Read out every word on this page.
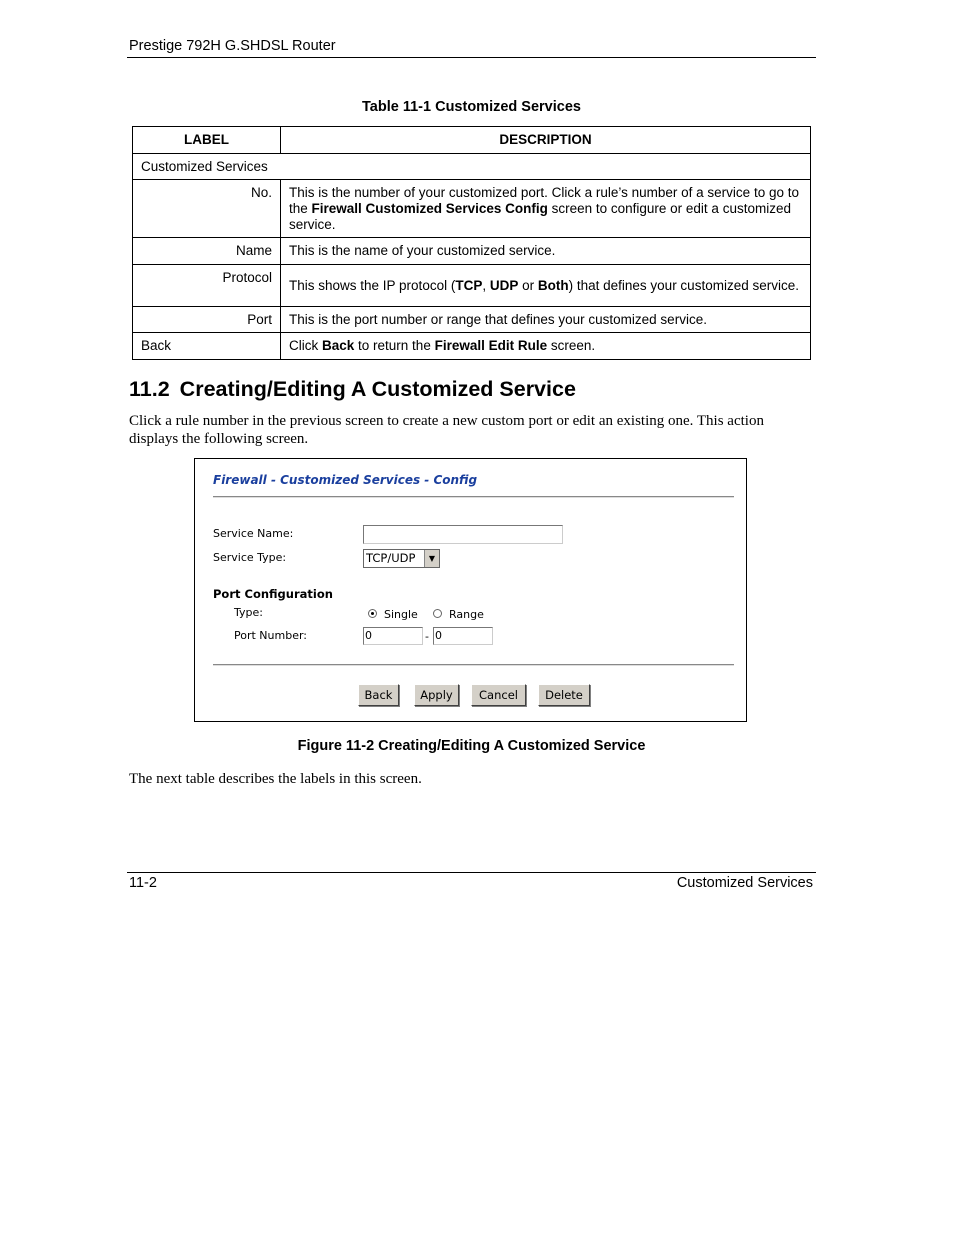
Prestige 792H G.SHDSL Router
Table 11-1 Customized Services
LABEL	DESCRIPTION
Customized Services	
No.	This is the number of your customized port. Click a rule’s number of a service to go to the Firewall Customized Services Config screen to configure or edit a customized service.
Name	This is the name of your customized service.
Protocol	This shows the IP protocol (TCP, UDP or Both) that defines your customized service.
Port	This is the port number or range that defines your customized service.
Back	Click Back to return the Firewall Edit Rule screen.
11.2 Creating/Editing A Customized Service
Click a rule number in the previous screen to create a new custom port or edit an existing one. This action displays the following screen.
Firewall - Customized Services - Config
Service Name:
Service Type:	TCP/UDP	▼
Port Configuration
Type:	Single	Range
Port Number:	0	- 0
Back	Apply	Cancel	Delete
Figure 11-2 Creating/Editing A Customized Service
The next table describes the labels in this screen.
11-2	Customized Services
